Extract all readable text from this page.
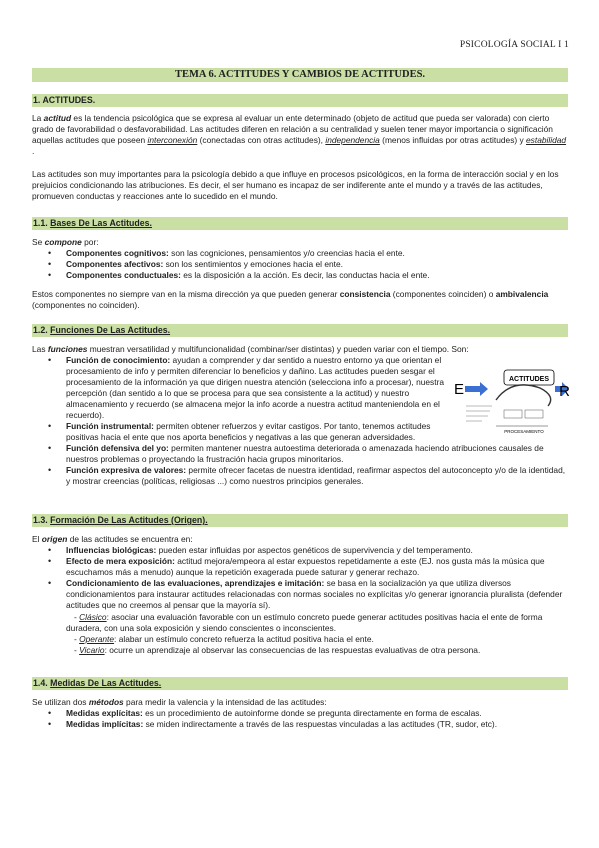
PSICOLOGÍA SOCIAL I 1
TEMA 6. ACTITUDES Y CAMBIOS DE ACTITUDES.
1. ACTITUDES.
La actitud es la tendencia psicológica que se expresa al evaluar un ente determinado (objeto de actitud que pueda ser valorada) con cierto grado de favorabilidad o desfavorabilidad. Las actitudes diferen en relación a su centralidad y suelen tener mayor importancia o significación aquellas actitudes que poseen interconexión (conectadas con otras actitudes), independencia (menos influidas por otras actitudes) y estabilidad .
Las actitudes son muy importantes para la psicología debido a que influye en procesos psicológicos, en la forma de interacción social y en los prejuicios condicionando las atribuciones. Es decir, el ser humano es incapaz de ser indiferente ante el mundo y a través de las actitudes, promueven conductas y reacciones ante lo sucedido en el mundo.
1.1. Bases De Las Actitudes.
Se compone por:
• Componentes cognitivos: son las cogniciones, pensamientos y/o creencias hacia el ente.
• Componentes afectivos: son los sentimientos y emociones hacia el ente.
• Componentes conductuales: es la disposición a la acción. Es decir, las conductas hacia el ente.
Estos componentes no siempre van en la misma dirección ya que pueden generar consistencia (componentes coinciden) o ambivalencia (componentes no coinciden).
1.2. Funciones De Las Actitudes.
Las funciones muestran versatilidad y multifuncionalidad (combinar/ser distintas) y pueden variar con el tiempo. Son:
• Función de conocimiento: ayudan a comprender y dar sentido a nuestro entorno ya que orientan el procesamiento de info y permiten diferenciar lo beneficios y dañino. Las actitudes pueden sesgar el procesamiento de la información ya que dirigen nuestra atención (selecciona info a procesar), nuestra percepción (dan sentido a lo que se procesa para que sea consistente a la actitud) y nuestro almacenamiento y recuerdo (se almacena mejor la info acorde a nuestra actitud manteniendola en el recuerdo).
• Función instrumental: permiten obtener refuerzos y evitar castigos. Por tanto, tenemos actitudes positivas hacia el ente que nos aporta beneficios y negativas a las que generan adversidades.
• Función defensiva del yo: permiten mantener nuestra autoestima deteriorada o amenazada haciendo atribuciones causales de nuestros problemas o proyectando la frustración hacia grupos minoritarios.
• Función expresiva de valores: permite ofrecer facetas de nuestra identidad, reafirmar aspectos del autoconcepto y/o de la identidad, y mostrar creencias (políticas, religiosas ...) como nuestros principios generales.
E
ACTITUDES
R
PROCESAMIENTO
1.3. Formación De Las Actitudes (Origen).
El origen de las actitudes se encuentra en:
• Influencias biológicas: pueden estar influidas por aspectos genéticos de supervivencia y del temperamento.
• Efecto de mera exposición: actitud mejora/empeora al estar expuestos repetidamente a este (EJ. nos gusta más la música que escuchamos más a menudo) aunque la repetición exagerada puede saturar y generar rechazo.
• Condicionamiento de las evaluaciones, aprendizajes e imitación: se basa en la socialización ya que utiliza diversos condicionamientos para instaurar actitudes relacionadas con normas sociales no explícitas y/o generar ignorancia pluralista (defender actitudes que no creemos al pensar que la mayoría sí).
- Clásico: asociar una evaluación favorable con un estímulo concreto puede generar actitudes positivas hacia el ente de forma duradera, con una sola exposición y siendo conscientes o inconscientes.
- Operante: alabar un estímulo concreto refuerza la actitud positiva hacia el ente.
- Vicario: ocurre un aprendizaje al observar las consecuencias de las respuestas evaluativas de otra persona.
1.4. Medidas De Las Actitudes.
Se utilizan dos métodos para medir la valencia y la intensidad de las actitudes:
• Medidas explícitas: es un procedimiento de autoinforme donde se pregunta directamente en forma de escalas.
• Medidas implícitas: se miden indirectamente a través de las respuestas vinculadas a las actitudes (TR, sudor, etc).
